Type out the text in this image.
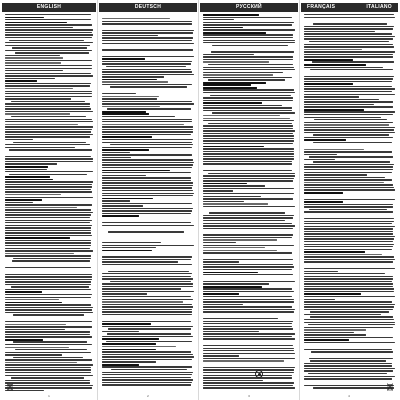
ENGLISH
1
DEUTSCH
2
РУССКИЙ
3
FRANÇAIS	ITALIANO
4
